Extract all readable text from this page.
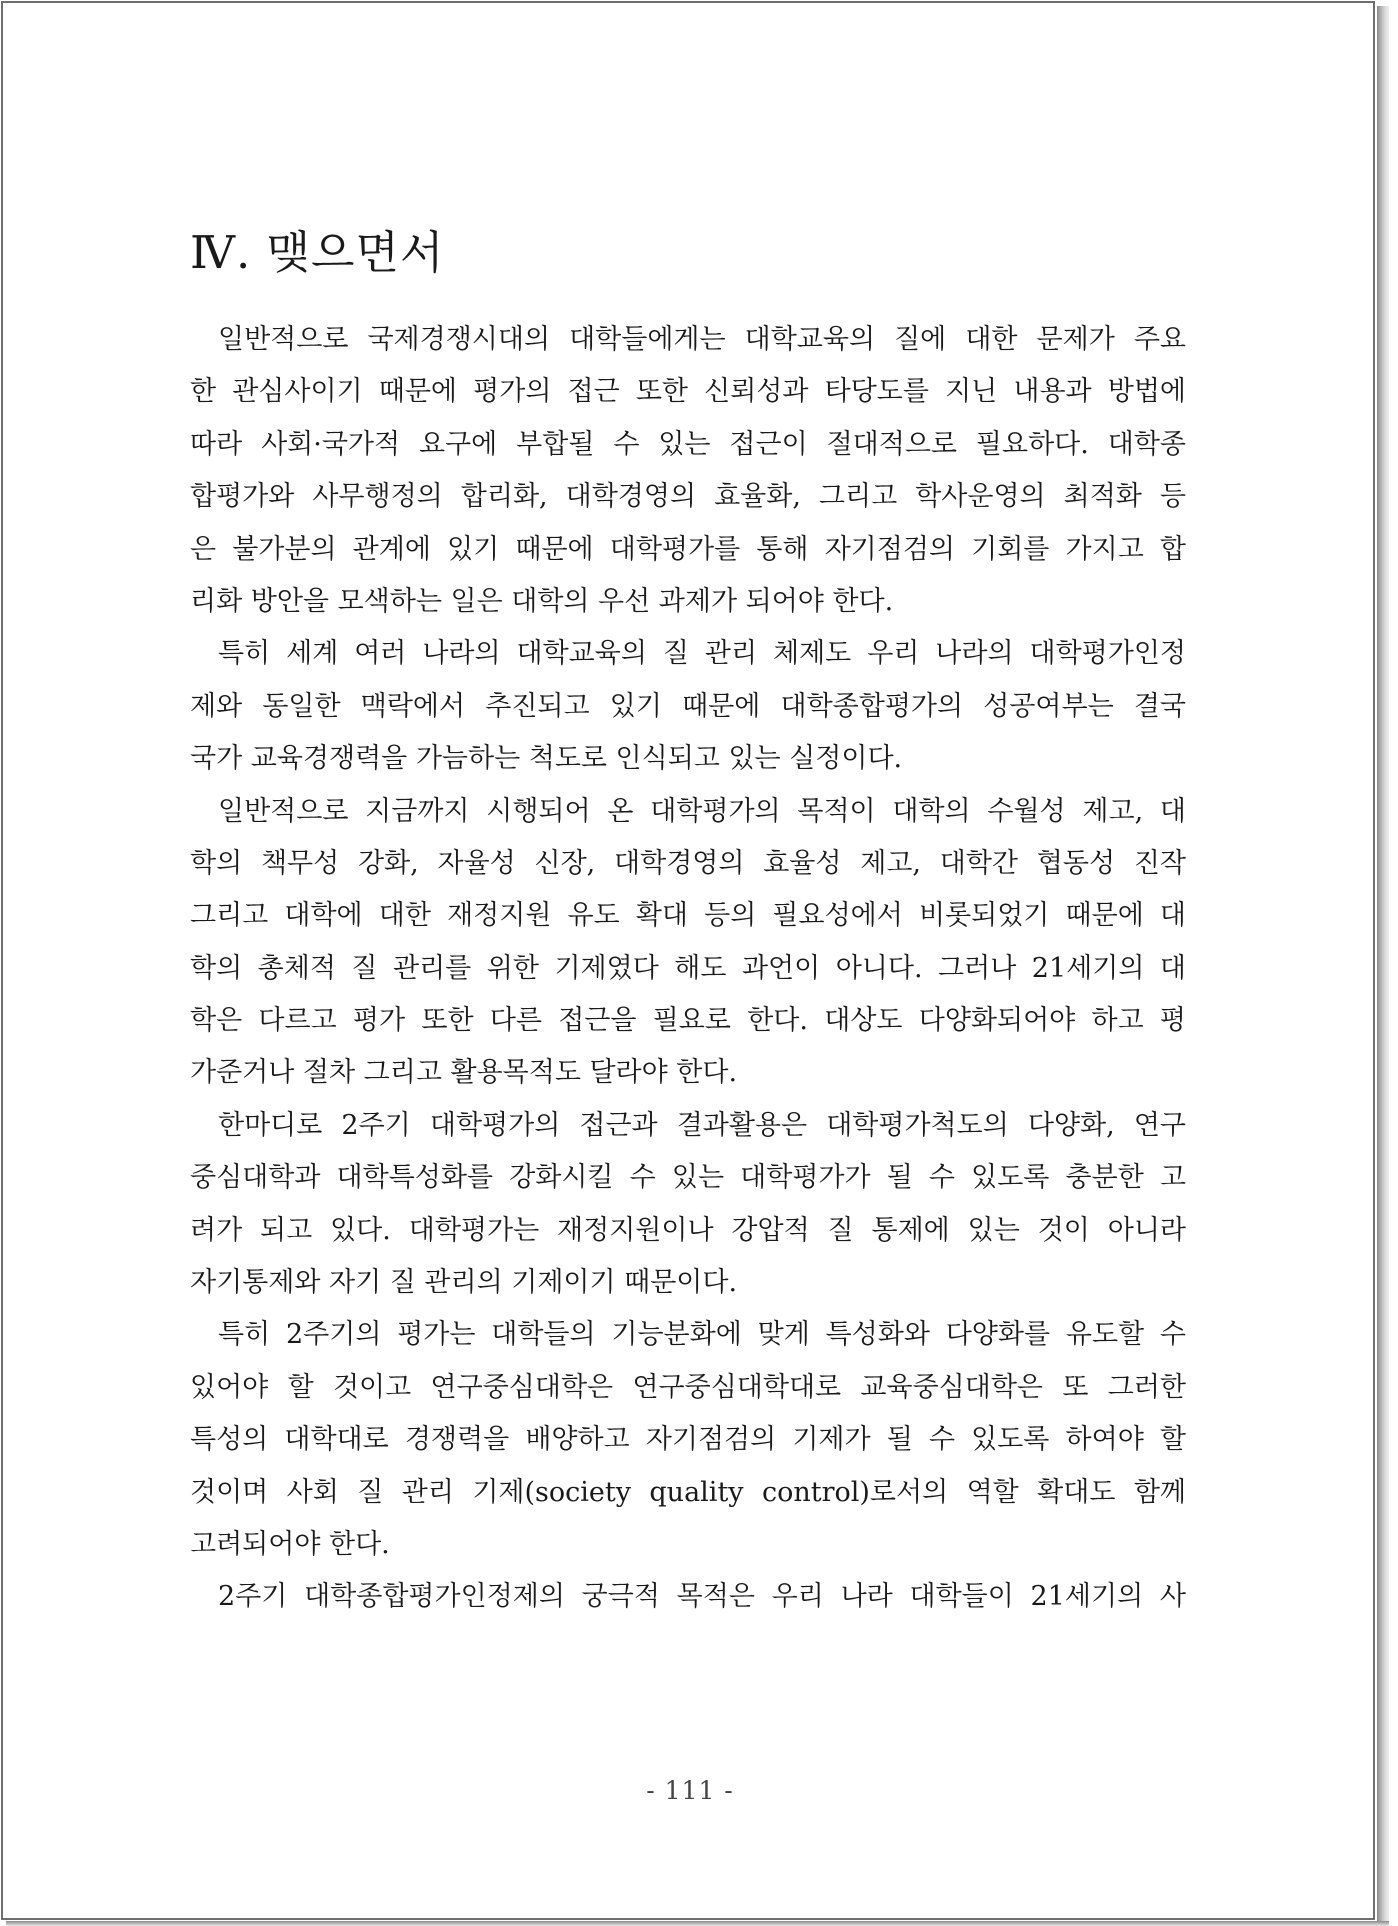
Ⅳ. 맺으면서
일반적으로 국제경쟁시대의 대학들에게는 대학교육의 질에 대한 문제가 주요
한 관심사이기 때문에 평가의 접근 또한 신뢰성과 타당도를 지닌 내용과 방법에
따라 사회·국가적 요구에 부합될 수 있는 접근이 절대적으로 필요하다. 대학종
합평가와 사무행정의 합리화, 대학경영의 효율화, 그리고 학사운영의 최적화 등
은 불가분의 관계에 있기 때문에 대학평가를 통해 자기점검의 기회를 가지고 합
리화 방안을 모색하는 일은 대학의 우선 과제가 되어야 한다.
특히 세계 여러 나라의 대학교육의 질 관리 체제도 우리 나라의 대학평가인정
제와 동일한 맥락에서 추진되고 있기 때문에 대학종합평가의 성공여부는 결국
국가 교육경쟁력을 가늠하는 척도로 인식되고 있는 실정이다.
일반적으로 지금까지 시행되어 온 대학평가의 목적이 대학의 수월성 제고, 대
학의 책무성 강화, 자율성 신장, 대학경영의 효율성 제고, 대학간 협동성 진작
그리고 대학에 대한 재정지원 유도 확대 등의 필요성에서 비롯되었기 때문에 대
학의 총체적 질 관리를 위한 기제였다 해도 과언이 아니다. 그러나 21세기의 대
학은 다르고 평가 또한 다른 접근을 필요로 한다. 대상도 다양화되어야 하고 평
가준거나 절차 그리고 활용목적도 달라야 한다.
한마디로 2주기 대학평가의 접근과 결과활용은 대학평가척도의 다양화, 연구
중심대학과 대학특성화를 강화시킬 수 있는 대학평가가 될 수 있도록 충분한 고
려가 되고 있다. 대학평가는 재정지원이나 강압적 질 통제에 있는 것이 아니라
자기통제와 자기 질 관리의 기제이기 때문이다.
특히 2주기의 평가는 대학들의 기능분화에 맞게 특성화와 다양화를 유도할 수
있어야 할 것이고 연구중심대학은 연구중심대학대로 교육중심대학은 또 그러한
특성의 대학대로 경쟁력을 배양하고 자기점검의 기제가 될 수 있도록 하여야 할
것이며 사회 질 관리 기제(society quality control)로서의 역할 확대도 함께
고려되어야 한다.
2주기 대학종합평가인정제의 궁극적 목적은 우리 나라 대학들이 21세기의 사
- 111 -
